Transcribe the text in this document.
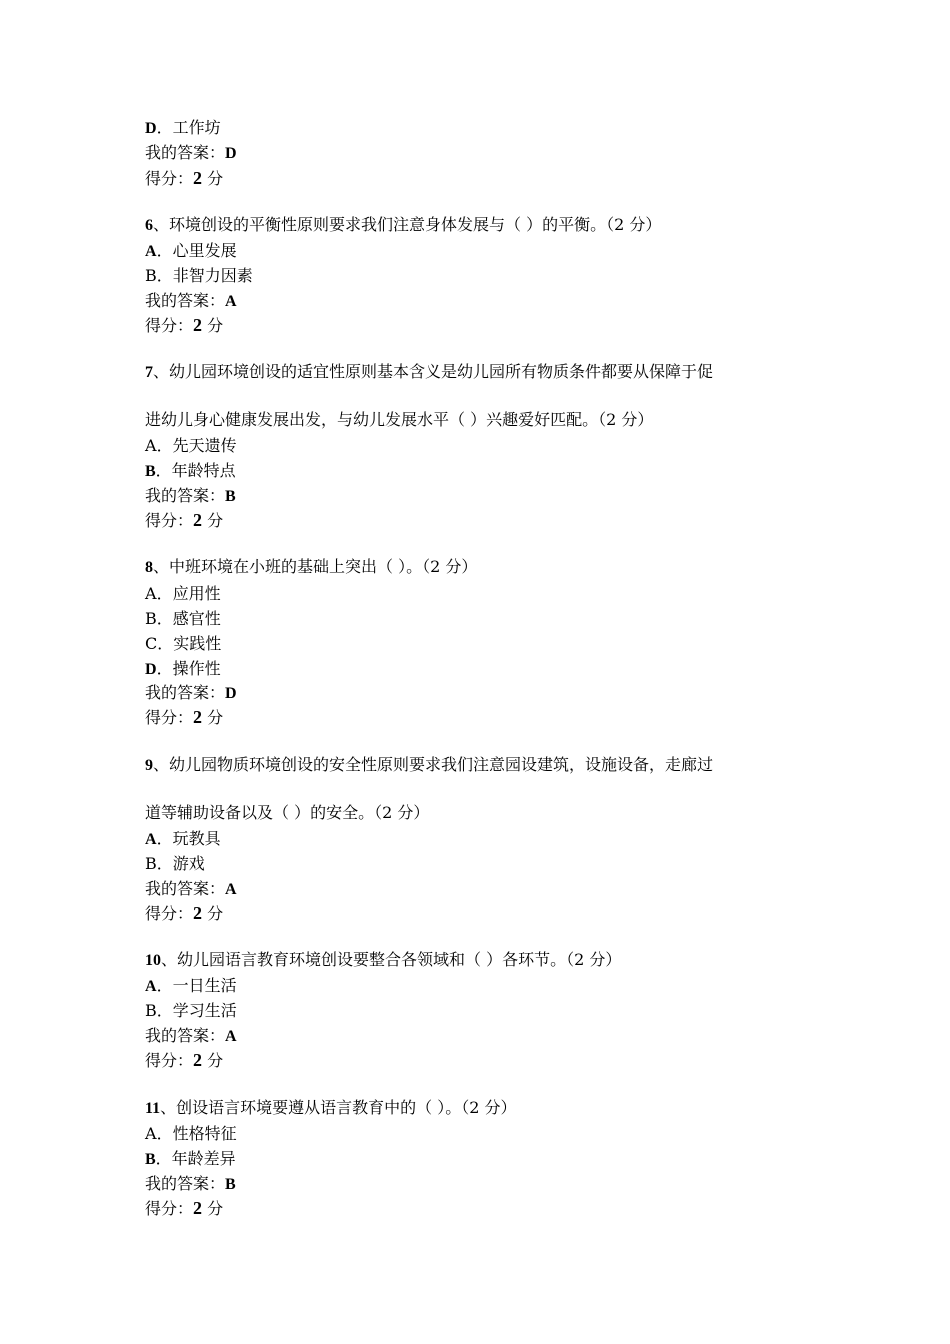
D．工作坊
我的答案：D
得分：2 分
6、环境创设的平衡性原则要求我们注意身体发展与（ ）的平衡。（2 分）
A．心里发展
B．非智力因素
我的答案：A
得分：2 分
7、幼儿园环境创设的适宜性原则基本含义是幼儿园所有物质条件都要从保障于促
进幼儿身心健康发展出发，与幼儿发展水平（ ）兴趣爱好匹配。（2 分）
A．先天遗传
B．年龄特点
我的答案：B
得分：2 分
8、中班环境在小班的基础上突出（ ）。（2 分）
A．应用性
B．感官性
C．实践性
D．操作性
我的答案：D
得分：2 分
9、幼儿园物质环境创设的安全性原则要求我们注意园设建筑，设施设备，走廊过
道等辅助设备以及（ ）的安全。（2 分）
A．玩教具
B．游戏
我的答案：A
得分：2 分
10、幼儿园语言教育环境创设要整合各领域和（ ）各环节。（2 分）
A．一日生活
B．学习生活
我的答案：A
得分：2 分
11、创设语言环境要遵从语言教育中的（ ）。（2 分）
A．性格特征
B．年龄差异
我的答案：B
得分：2 分
